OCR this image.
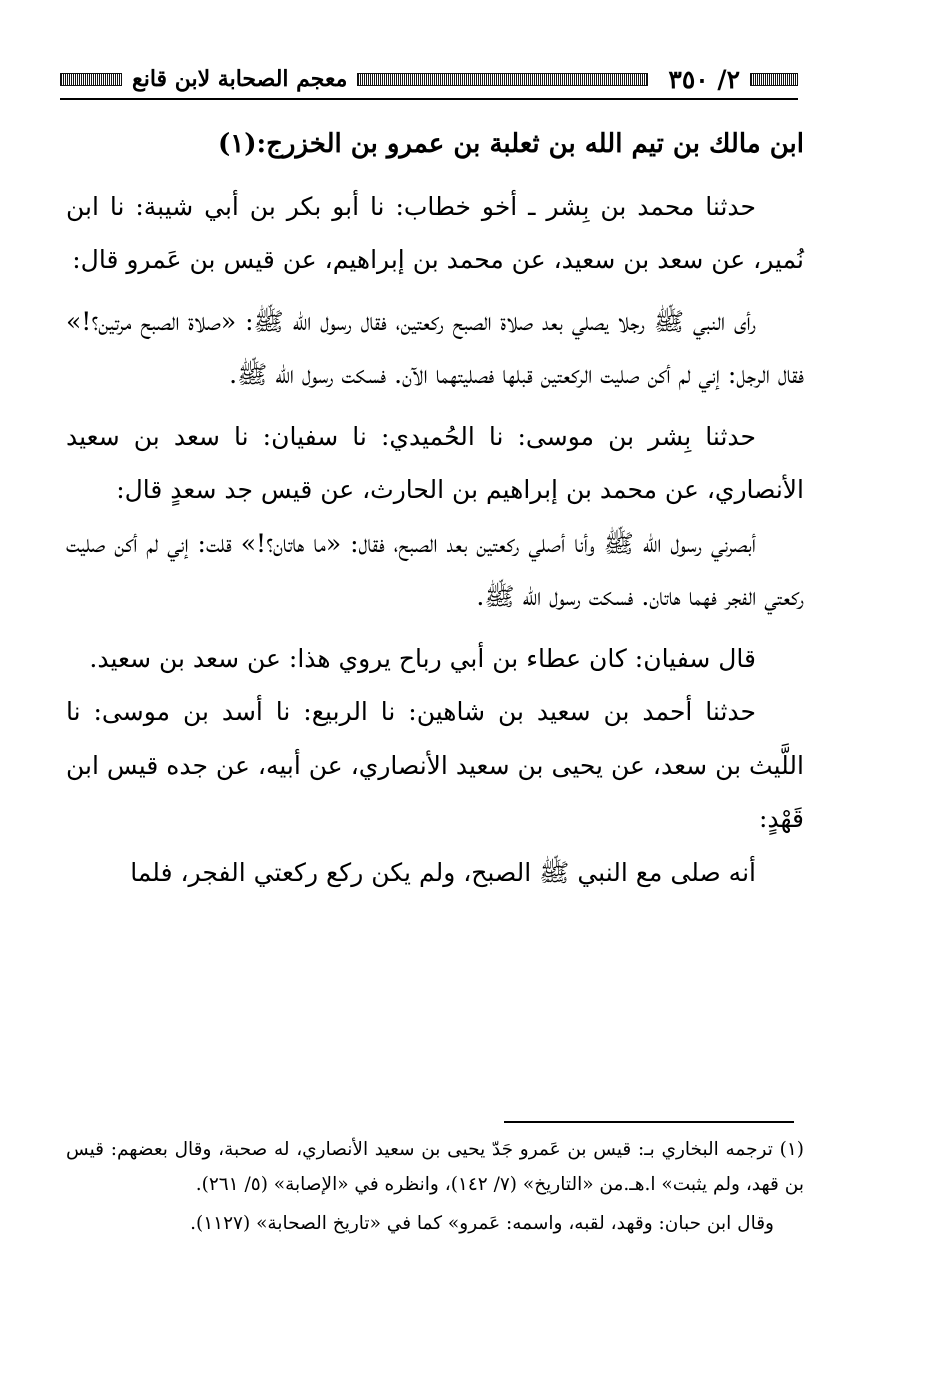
٢/ ٣٥٠
معجم الصحابة لابن قانع

ابن مالك بن تيم الله بن ثعلبة بن عمرو بن الخزرج:(١)

حدثنا محمد بن بِشر ـ أخو خطاب: نا أبو بكر بن أبي شيبة: نا ابن نُمير، عن سعد بن سعيد، عن محمد بن إبراهيم، عن قيس بن عَمرو قال:

رأى النبي ﷺ رجلا يصلي بعد صلاة الصبح ركعتين، فقال رسول الله ﷺ: «صلاة الصبح مرتين؟!» فقال الرجل: إني لم أكن صليت الركعتين قبلها فصليتهما الآن. فسكت رسول الله ﷺ.

حدثنا بِشر بن موسى: نا الحُميدي: نا سفيان: نا سعد بن سعيد الأنصاري، عن محمد بن إبراهيم بن الحارث، عن قيس جد سعدٍ قال:

أبصرني رسول الله ﷺ وأنا أصلي ركعتين بعد الصبح، فقال: «ما هاتان؟!» قلت: إني لم أكن صليت ركعتي الفجر فهما هاتان. فسكت رسول الله ﷺ.

قال سفيان: كان عطاء بن أبي رباح يروي هذا: عن سعد بن سعيد.

حدثنا أحمد بن سعيد بن شاهين: نا الربيع: نا أسد بن موسى: نا اللَّيث بن سعد، عن يحيى بن سعيد الأنصاري، عن أبيه، عن جده قيس ابن قَهْدٍ:

أنه صلى مع النبي ﷺ الصبح، ولم يكن ركع ركعتي الفجر، فلما

(١) ترجمه البخاري بـ: قيس بن عَمرو جَدّ يحيى بن سعيد الأنصاري، له صحبة، وقال بعضهم: قيس بن قهد، ولم يثبت» ا.هـ.من «التاريخ» (٧/ ١٤٢)، وانظره في «الإصابة» (٥/ ٢٦١).

وقال ابن حبان: وقهد، لقبه، واسمه: عَمرو» كما في «تاريخ الصحابة» (١١٢٧).
